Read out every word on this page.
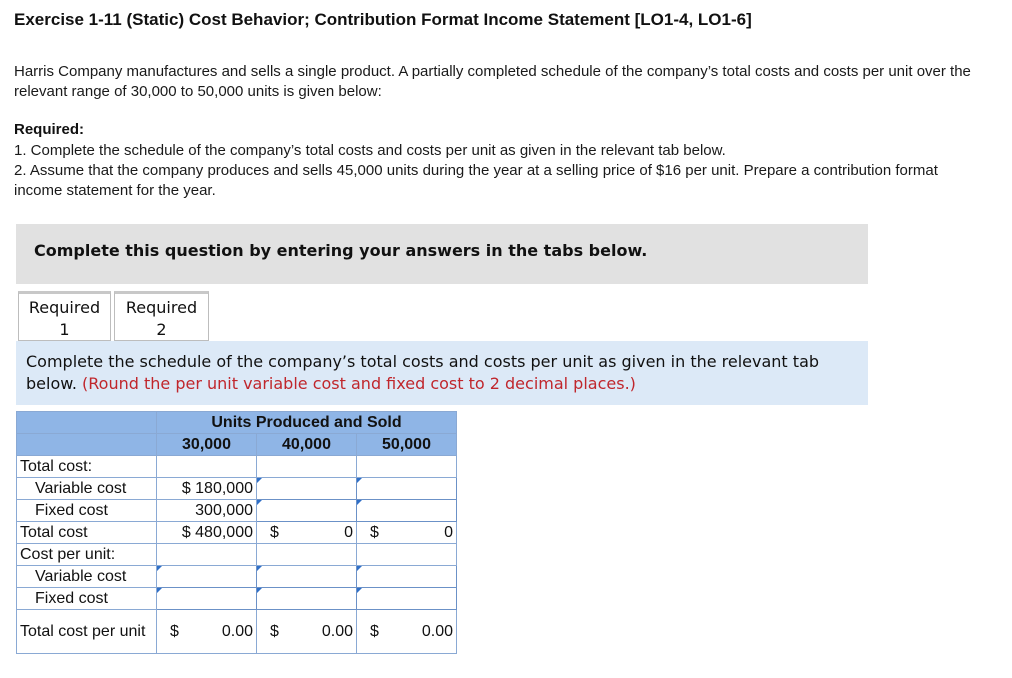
Exercise 1-11 (Static) Cost Behavior; Contribution Format Income Statement [LO1-4, LO1-6]
Harris Company manufactures and sells a single product. A partially completed schedule of the company’s total costs and costs per unit over the relevant range of 30,000 to 50,000 units is given below:
Required:
1. Complete the schedule of the company’s total costs and costs per unit as given in the relevant tab below.
2. Assume that the company produces and sells 45,000 units during the year at a selling price of $16 per unit. Prepare a contribution format income statement for the year.
Complete this question by entering your answers in the tabs below.
Required
1
Required
2
Complete the schedule of the company’s total costs and costs per unit as given in the relevant tab below. (Round the per unit variable cost and fixed cost to 2 decimal places.)
	Units Produced and Sold		
	30,000	40,000	50,000
Total cost:			
Variable cost	$ 180,000		
Fixed cost	300,000		
Total cost	$ 480,000	$ 0	$ 0
Cost per unit:			
Variable cost			
Fixed cost			
Total cost per unit	$ 0.00	$ 0.00	$ 0.00
